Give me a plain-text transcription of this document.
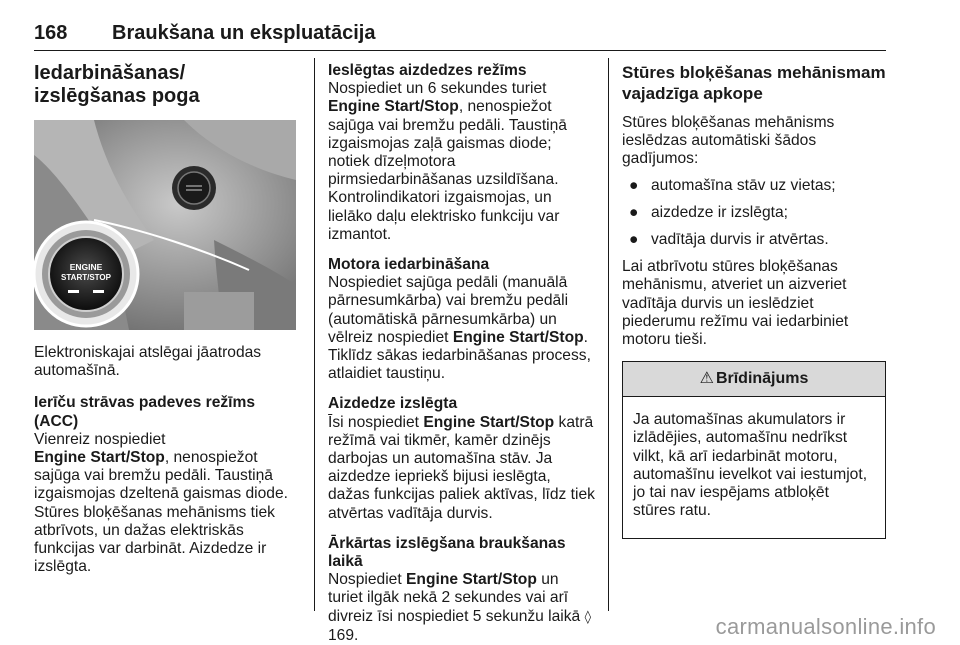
168 Braukšana un ekspluatācija
Iedarbināšanas/
izslēgšanas poga
ENGINE
START/STOP

Elektroniskajai atslēgai jāatrodas automašīnā.

Ierīču strāvas padeves režīms (ACC)

Vienreiz nospiediet
Engine Start/Stop, nenospiežot sajūga vai bremžu pedāli. Taustiņā izgaismojas dzeltenā gaismas diode. Stūres bloķēšanas mehānisms tiek atbrīvots, un dažas elektriskās funkcijas var darbināt. Aizdedze ir izslēgta.

Ieslēgtas aizdedzes režīms

Nospiediet un 6 sekundes turiet
Engine Start/Stop, nenospiežot sajūga vai bremžu pedāli. Taustiņā izgaismojas zaļā gaismas diode; notiek dīzeļmotora pirmsiedarbināšanas uzsildīšana. Kontrolindikatori izgaismojas, un lielāko daļu elektrisko funkciju var izmantot.

Motora iedarbināšana

Nospiediet sajūga pedāli (manuālā pārnesumkārba) vai bremžu pedāli (automātiskā pārnesumkārba) un vēlreiz nospiediet Engine Start/Stop. Tiklīdz sākas iedarbināšanas process, atlaidiet taustiņu.

Aizdedze izslēgta

Īsi nospiediet Engine Start/Stop katrā režīmā vai tikmēr, kamēr dzinējs darbojas un automašīna stāv. Ja aizdedze iepriekš bijusi ieslēgta, dažas funkcijas paliek aktīvas, līdz tiek atvērtas vadītāja durvis.

Ārkārtas izslēgšana braukšanas laikā

Nospiediet Engine Start/Stop un turiet ilgāk nekā 2 sekundes vai arī divreiz īsi nospiediet 5 sekunžu laikā ◊ 169.

Stūres bloķēšanas mehānismam vajadzīga apkope

Stūres bloķēšanas mehānisms ieslēdzas automātiski šādos gadījumos:

● automašīna stāv uz vietas;
● aizdedze ir izslēgta;
● vadītāja durvis ir atvērtas.

Lai atbrīvotu stūres bloķēšanas mehānismu, atveriet un aizveriet vadītāja durvis un ieslēdziet piederumu režīmu vai iedarbiniet motoru tieši.

⚠ Brīdinājums
Ja automašīnas akumulators ir izlādējies, automašīnu nedrīkst vilkt, kā arī iedarbināt motoru, automašīnu ievelkot vai iestumjot, jo tai nav iespējams atbloķēt stūres ratu.
carmanualsonline.info
